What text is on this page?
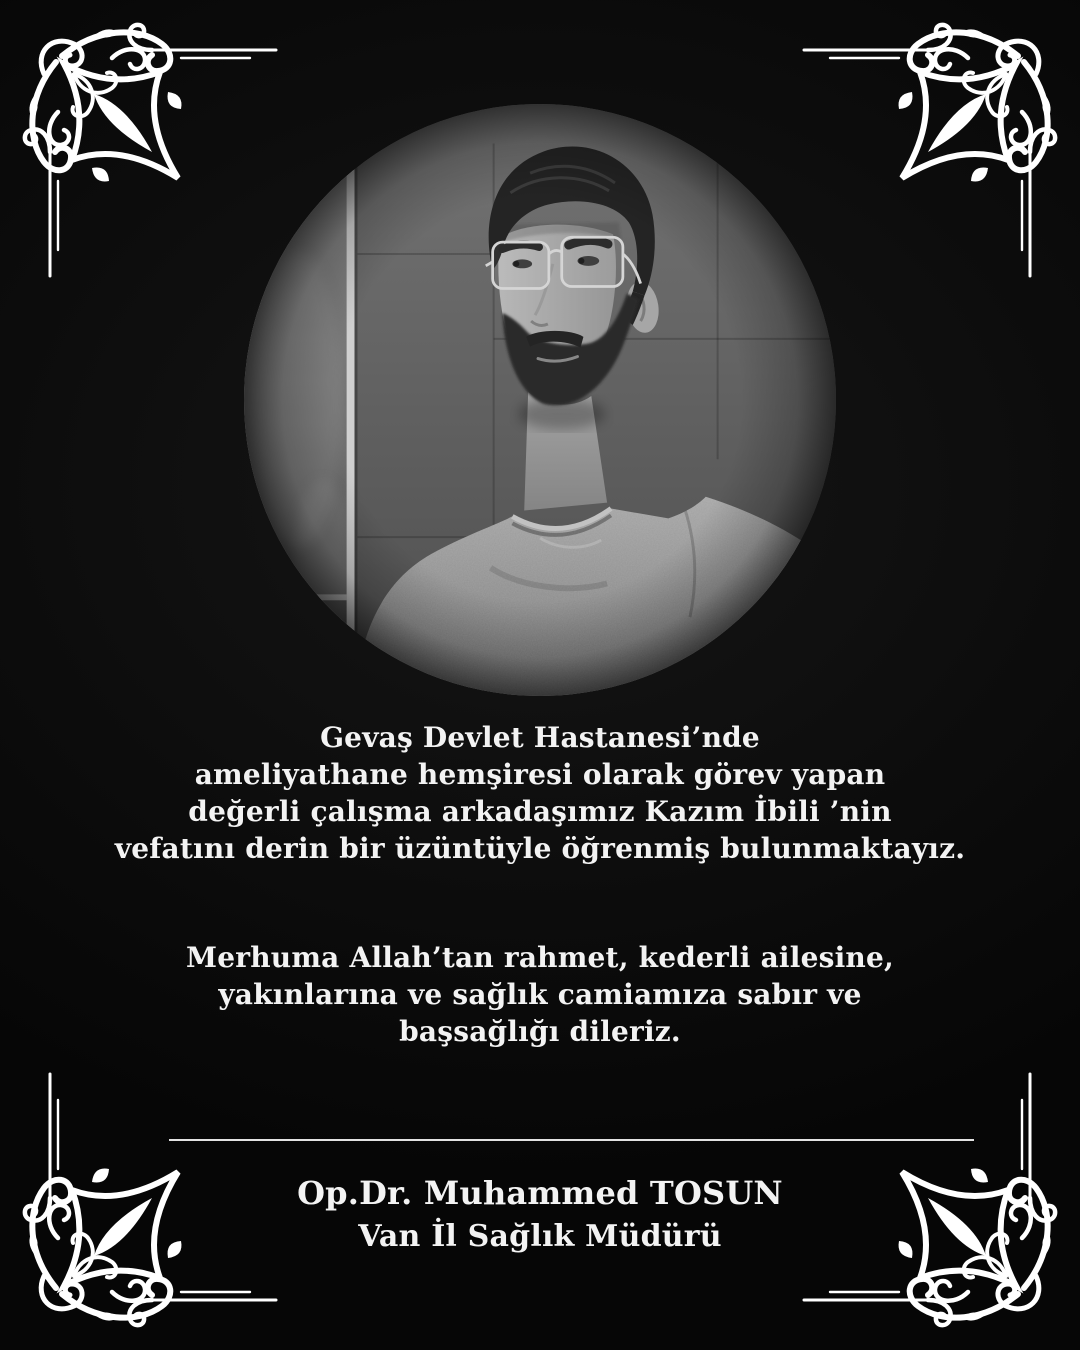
Gevaş Devlet Hastanesi’nde
ameliyathane hemşiresi olarak görev yapan
değerli çalışma arkadaşımız Kazım İbili ’nin
vefatını derin bir üzüntüyle öğrenmiş bulunmaktayız.
Merhuma Allah’tan rahmet, kederli ailesine,
yakınlarına ve sağlık camiamıza sabır ve
başsağlığı dileriz.
Op.Dr. Muhammed TOSUN
Van İl Sağlık Müdürü
